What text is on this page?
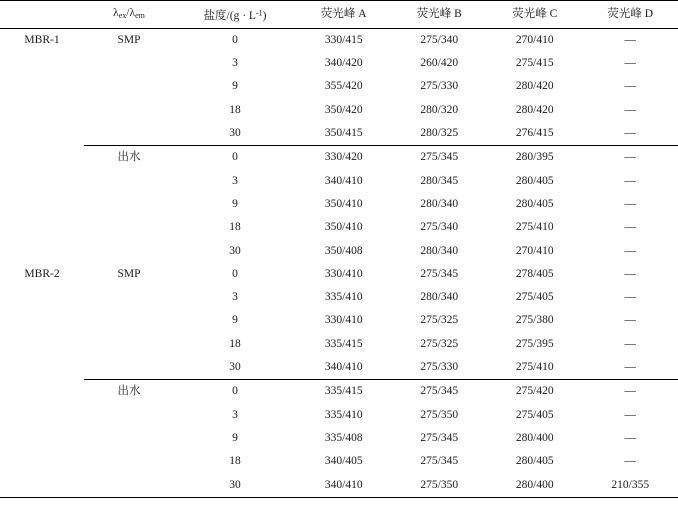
	$\lambda_{ex}/\lambda_{em}$	盐度$/(g \cdot L^{-1})$	荧光峰 A	荧光峰 B	荧光峰 C	荧光峰 D
MBR-1	SMP	0	330/415	275/340	270/410	—
		3	340/420	260/420	275/415	—
		9	355/420	275/330	280/420	—
		18	350/420	280/320	280/420	—
		30	350/415	280/325	276/415	—
	出水	0	330/420	275/345	280/395	—
		3	340/410	280/345	280/405	—
		9	350/410	280/340	280/405	—
		18	350/410	275/340	275/410	—
		30	350/408	280/340	270/410	—
MBR-2	SMP	0	330/410	275/345	278/405	—
		3	335/410	280/340	275/405	—
		9	330/410	275/325	275/380	—
		18	335/415	275/325	275/395	—
		30	340/410	275/330	275/410	—
	出水	0	335/415	275/345	275/420	—
		3	335/410	275/350	275/405	—
		9	335/408	275/345	280/400	—
		18	340/405	275/345	280/405	—
		30	340/410	275/350	280/400	210/355
